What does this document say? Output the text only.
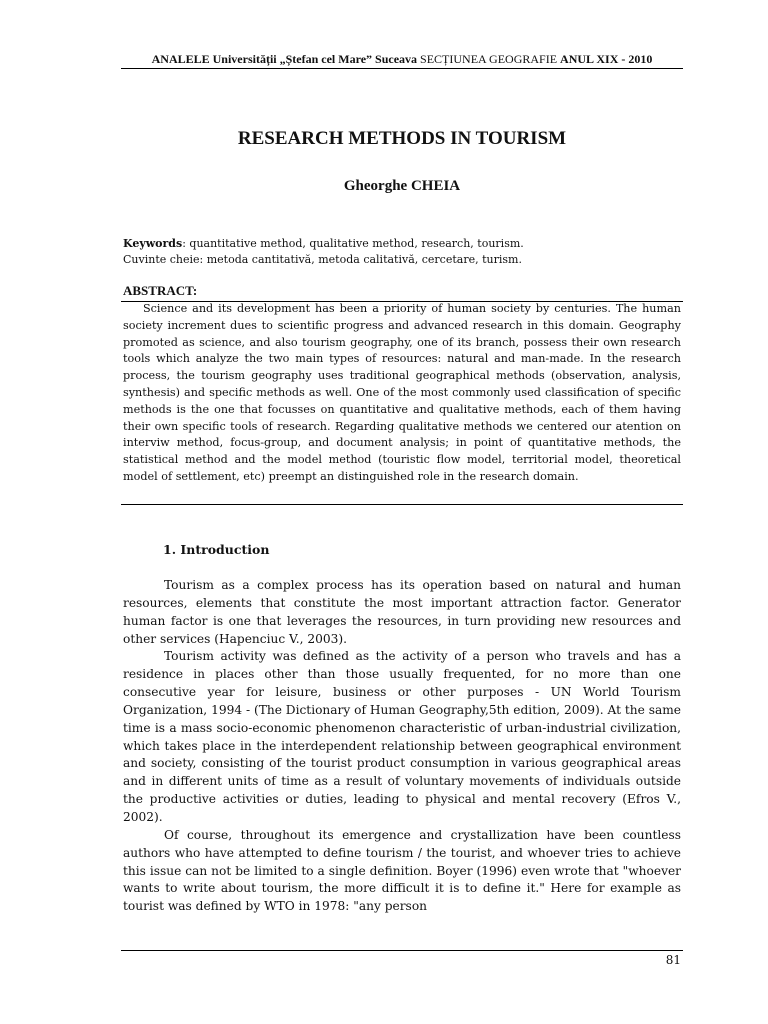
ANALELE Universității „Ștefan cel Mare” Suceava SECȚIUNEA GEOGRAFIE ANUL XIX - 2010
RESEARCH METHODS IN TOURISM
Gheorghe CHEIA
Keywords: quantitative method, qualitative method, research, tourism.
Cuvinte cheie: metoda cantitativă, metoda calitativă, cercetare, turism.
ABSTRACT:

Science and its development has been a priority of human society by centuries. The human society increment dues to scientific progress and advanced research in this domain. Geography promoted as science, and also tourism geography, one of its branch, possess their own research tools which analyze the two main types of resources: natural and man-made. In the research process, the tourism geography uses traditional geographical methods (observation, analysis, synthesis) and specific methods as well. One of the most commonly used classification of specific methods is the one that focusses on quantitative and qualitative methods, each of them having their own specific tools of research. Regarding qualitative methods we centered our atention on interviw method, focus-group, and document analysis; in point of quantitative methods, the statistical method and the model method (touristic flow model, territorial model, theoretical model of settlement, etc) preempt an distinguished role in the research domain.

1. Introduction

Tourism as a complex process has its operation based on natural and human resources, elements that constitute the most important attraction factor. Generator human factor is one that leverages the resources, in turn providing new resources and other services (Hapenciuc V., 2003).

Tourism activity was defined as the activity of a person who travels and has a residence in places other than those usually frequented, for no more than one consecutive year for leisure, business or other purposes - UN World Tourism Organization, 1994 - (The Dictionary of Human Geography,5th edition, 2009). At the same time is a mass socio-economic phenomenon characteristic of urban-industrial civilization, which takes place in the interdependent relationship between geographical environment and society, consisting of the tourist product consumption in various geographical areas and in different units of time as a result of voluntary movements of individuals outside the productive activities or duties, leading to physical and mental recovery (Efros V., 2002).

Of course, throughout its emergence and crystallization have been countless authors who have attempted to define tourism / the tourist, and whoever tries to achieve this issue can not be limited to a single definition. Boyer (1996) even wrote that "whoever wants to write about tourism, the more difficult it is to define it." Here for example as tourist was defined by WTO in 1978: "any person

81
